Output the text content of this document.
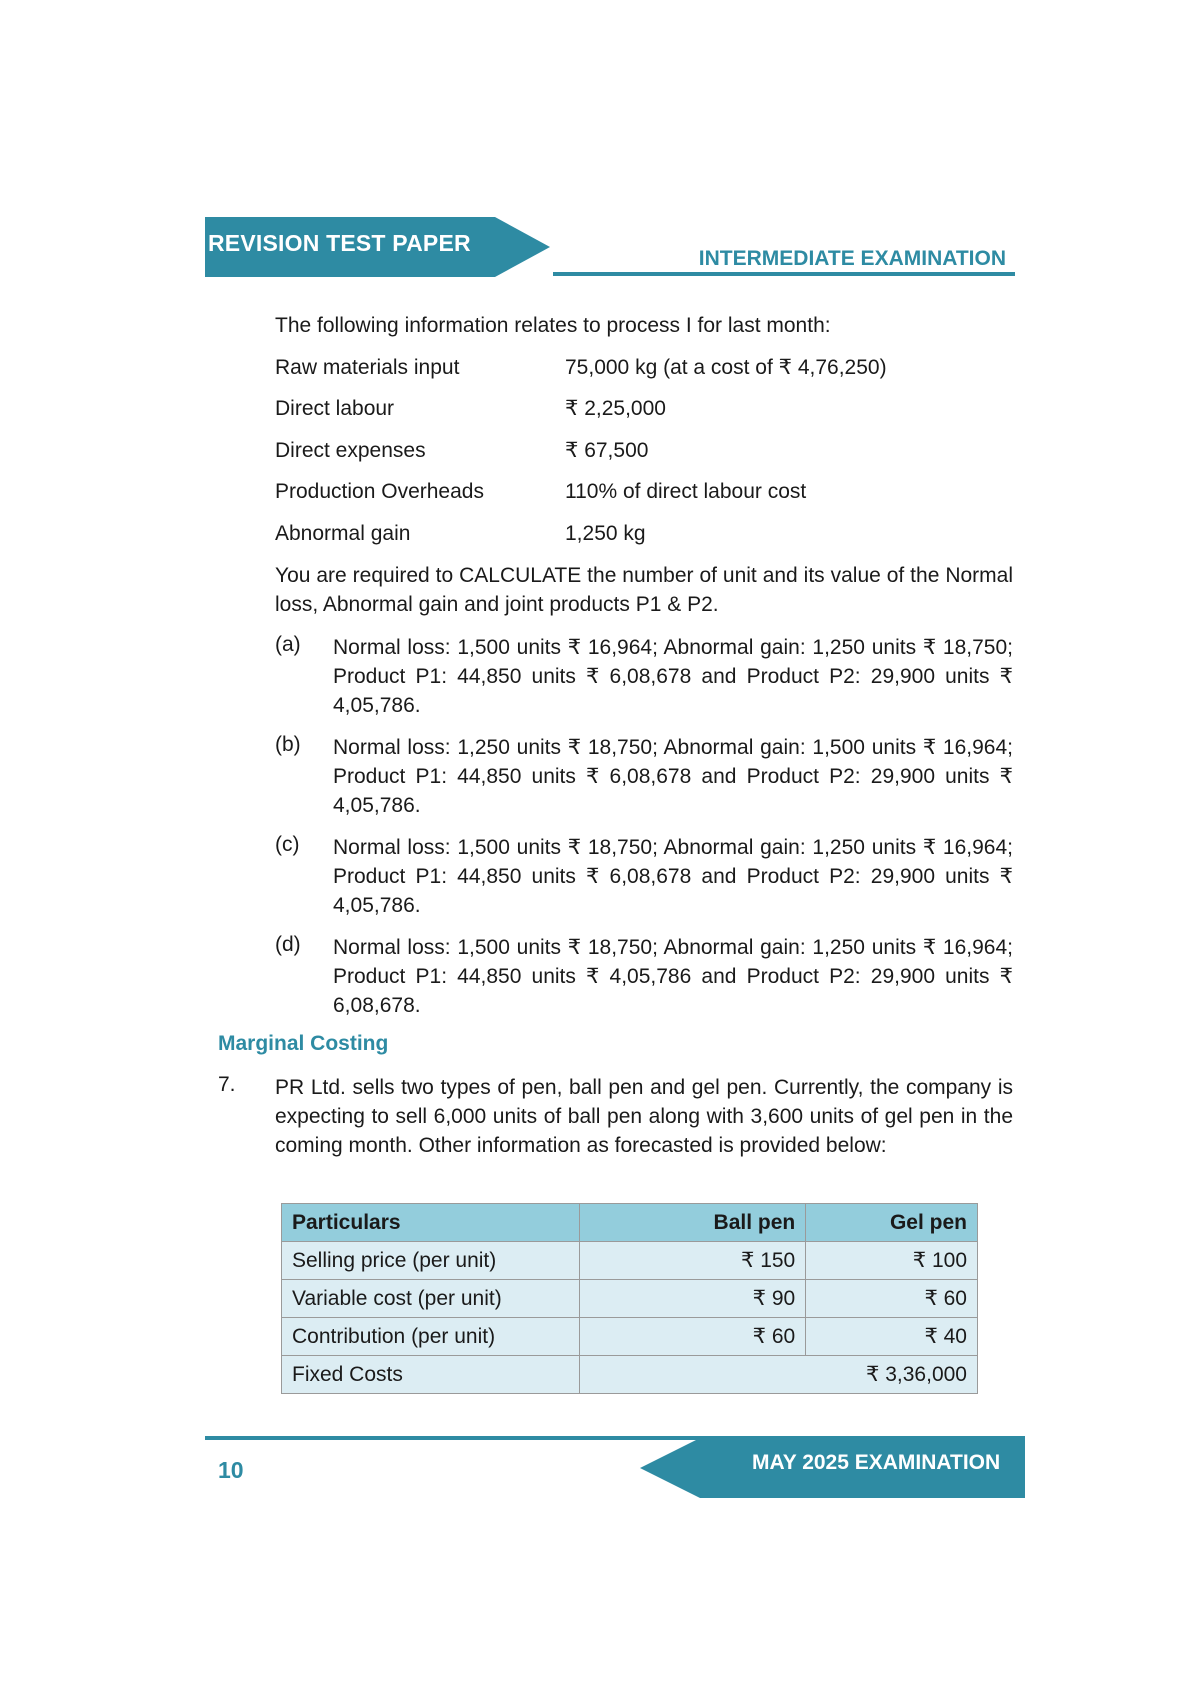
REVISION TEST PAPER
INTERMEDIATE EXAMINATION
The following information relates to process I for last month:
Raw materials input	75,000 kg (at a cost of ₹ 4,76,250)
Direct labour	₹ 2,25,000
Direct expenses	₹ 67,500
Production Overheads	110% of direct labour cost
Abnormal gain	1,250 kg
You are required to CALCULATE the number of unit and its value of the Normal loss, Abnormal gain and joint products P1 & P2.
(a) Normal loss: 1,500 units ₹ 16,964; Abnormal gain: 1,250 units ₹ 18,750; Product P1: 44,850 units ₹ 6,08,678 and Product P2: 29,900 units ₹ 4,05,786.
(b) Normal loss: 1,250 units ₹ 18,750; Abnormal gain: 1,500 units ₹ 16,964; Product P1: 44,850 units ₹ 6,08,678 and Product P2: 29,900 units ₹ 4,05,786.
(c) Normal loss: 1,500 units ₹ 18,750; Abnormal gain: 1,250 units ₹ 16,964; Product P1: 44,850 units ₹ 6,08,678 and Product P2: 29,900 units ₹ 4,05,786.
(d) Normal loss: 1,500 units ₹ 18,750; Abnormal gain: 1,250 units ₹ 16,964; Product P1: 44,850 units ₹ 4,05,786 and Product P2: 29,900 units ₹ 6,08,678.
Marginal Costing
7. PR Ltd. sells two types of pen, ball pen and gel pen. Currently, the company is expecting to sell 6,000 units of ball pen along with 3,600 units of gel pen in the coming month. Other information as forecasted is provided below:
Particulars	Ball pen	Gel pen
Selling price (per unit)	₹ 150	₹ 100
Variable cost (per unit)	₹ 90	₹ 60
Contribution (per unit)	₹ 60	₹ 40
Fixed Costs	₹ 3,36,000	
MAY 2025 EXAMINATION
10
